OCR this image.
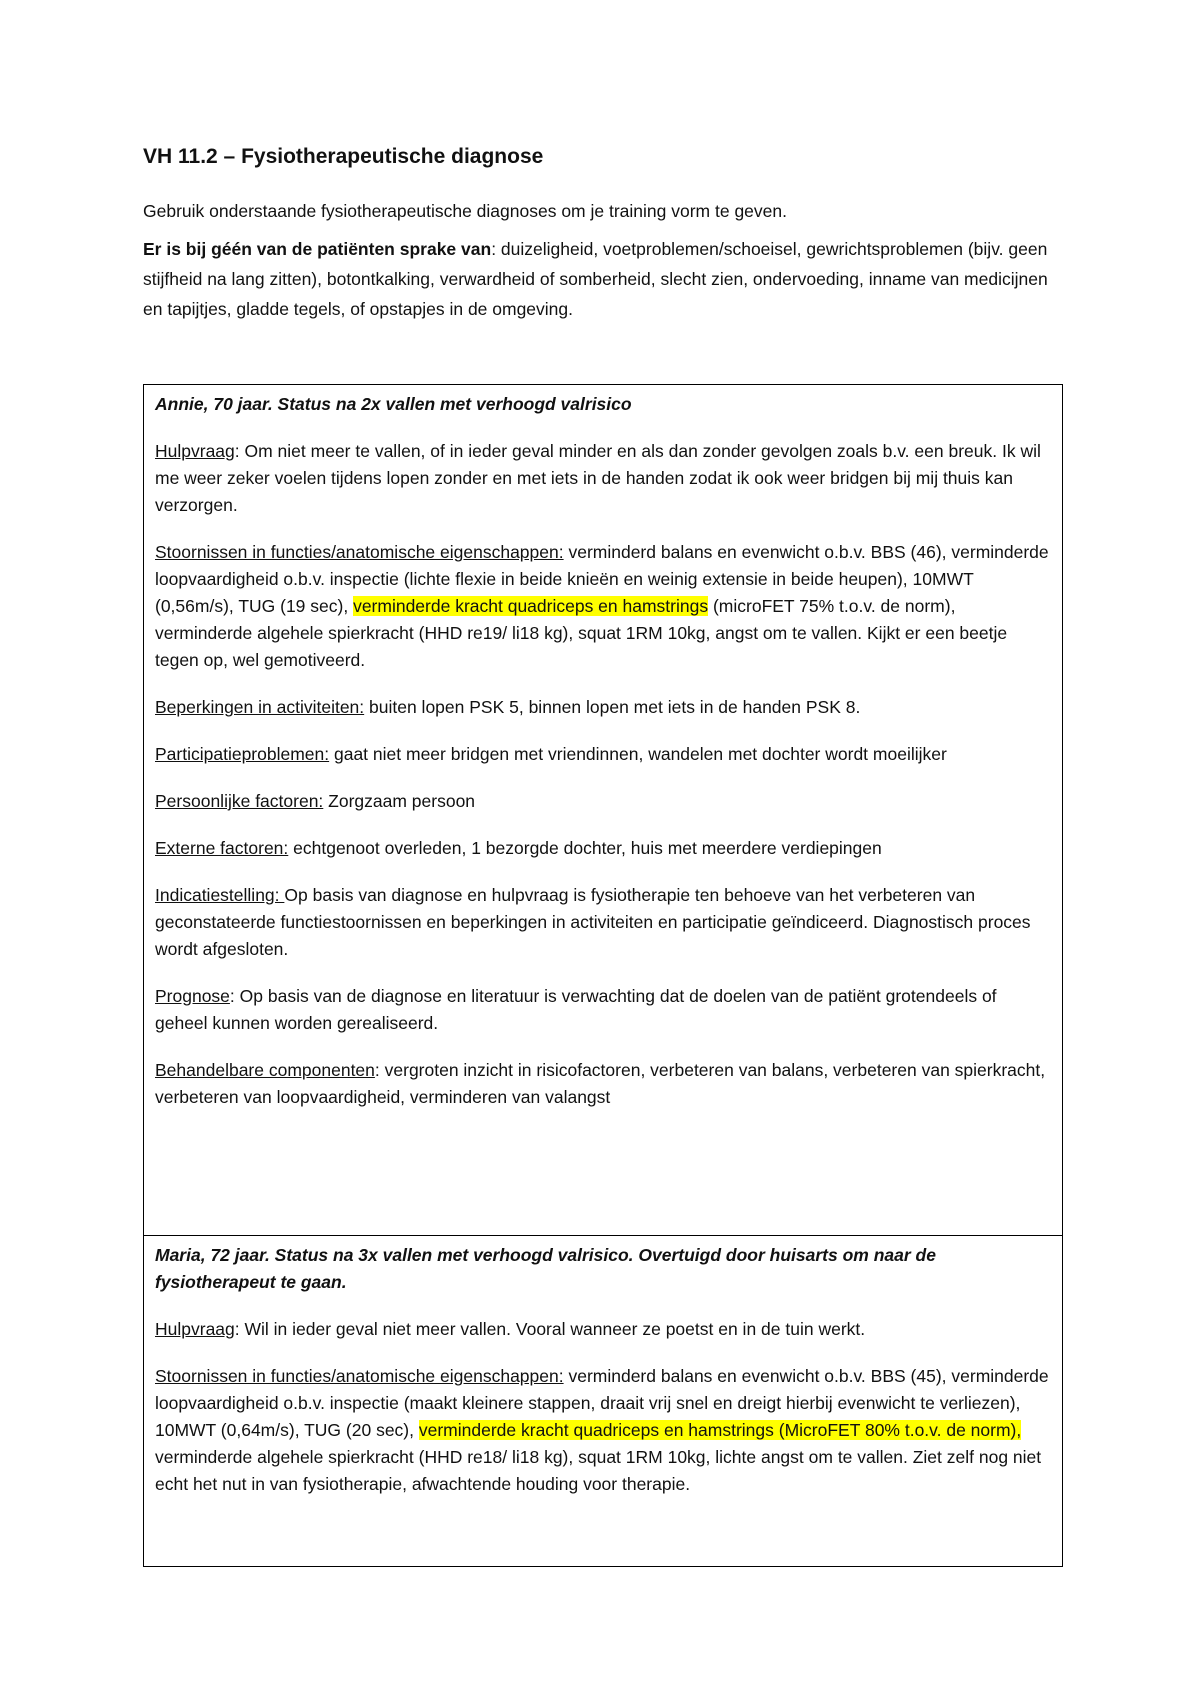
VH 11.2 – Fysiotherapeutische diagnose

Gebruik onderstaande fysiotherapeutische diagnoses om je training vorm te geven.

Er is bij géén van de patiënten sprake van: duizeligheid, voetproblemen/schoeisel, gewrichtsproblemen (bijv. geen stijfheid na lang zitten), botontkalking, verwardheid of somberheid, slecht zien, ondervoeding, inname van medicijnen en tapijtjes, gladde tegels, of opstapjes in de omgeving.

Annie, 70 jaar. Status na 2x vallen met verhoogd valrisico

Hulpvraag: Om niet meer te vallen, of in ieder geval minder en als dan zonder gevolgen zoals b.v. een breuk. Ik wil me weer zeker voelen tijdens lopen zonder en met iets in de handen zodat ik ook weer bridgen bij mij thuis kan verzorgen.

Stoornissen in functies/anatomische eigenschappen: verminderd balans en evenwicht o.b.v. BBS (46), verminderde loopvaardigheid o.b.v. inspectie (lichte flexie in beide knieën en weinig extensie in beide heupen), 10MWT (0,56m/s), TUG (19 sec), verminderde kracht quadriceps en hamstrings (microFET 75% t.o.v. de norm), verminderde algehele spierkracht (HHD re19/ li18 kg), squat 1RM 10kg, angst om te vallen. Kijkt er een beetje tegen op, wel gemotiveerd.

Beperkingen in activiteiten: buiten lopen PSK 5, binnen lopen met iets in de handen PSK 8.

Participatieproblemen: gaat niet meer bridgen met vriendinnen, wandelen met dochter wordt moeilijker

Persoonlijke factoren: Zorgzaam persoon

Externe factoren: echtgenoot overleden, 1 bezorgde dochter, huis met meerdere verdiepingen

Indicatiestelling: Op basis van diagnose en hulpvraag is fysiotherapie ten behoeve van het verbeteren van geconstateerde functiestoornissen en beperkingen in activiteiten en participatie geïndiceerd. Diagnostisch proces wordt afgesloten.

Prognose: Op basis van de diagnose en literatuur is verwachting dat de doelen van de patiënt grotendeels of geheel kunnen worden gerealiseerd.

Behandelbare componenten: vergroten inzicht in risicofactoren, verbeteren van balans, verbeteren van spierkracht, verbeteren van loopvaardigheid, verminderen van valangst

Maria, 72 jaar. Status na 3x vallen met verhoogd valrisico. Overtuigd door huisarts om naar de fysiotherapeut te gaan.

Hulpvraag: Wil in ieder geval niet meer vallen. Vooral wanneer ze poetst en in de tuin werkt.

Stoornissen in functies/anatomische eigenschappen: verminderd balans en evenwicht o.b.v. BBS (45), verminderde loopvaardigheid o.b.v. inspectie (maakt kleinere stappen, draait vrij snel en dreigt hierbij evenwicht te verliezen), 10MWT (0,64m/s), TUG (20 sec), verminderde kracht quadriceps en hamstrings (MicroFET 80% t.o.v. de norm), verminderde algehele spierkracht (HHD re18/ li18 kg), squat 1RM 10kg, lichte angst om te vallen. Ziet zelf nog niet echt het nut in van fysiotherapie, afwachtende houding voor therapie.
